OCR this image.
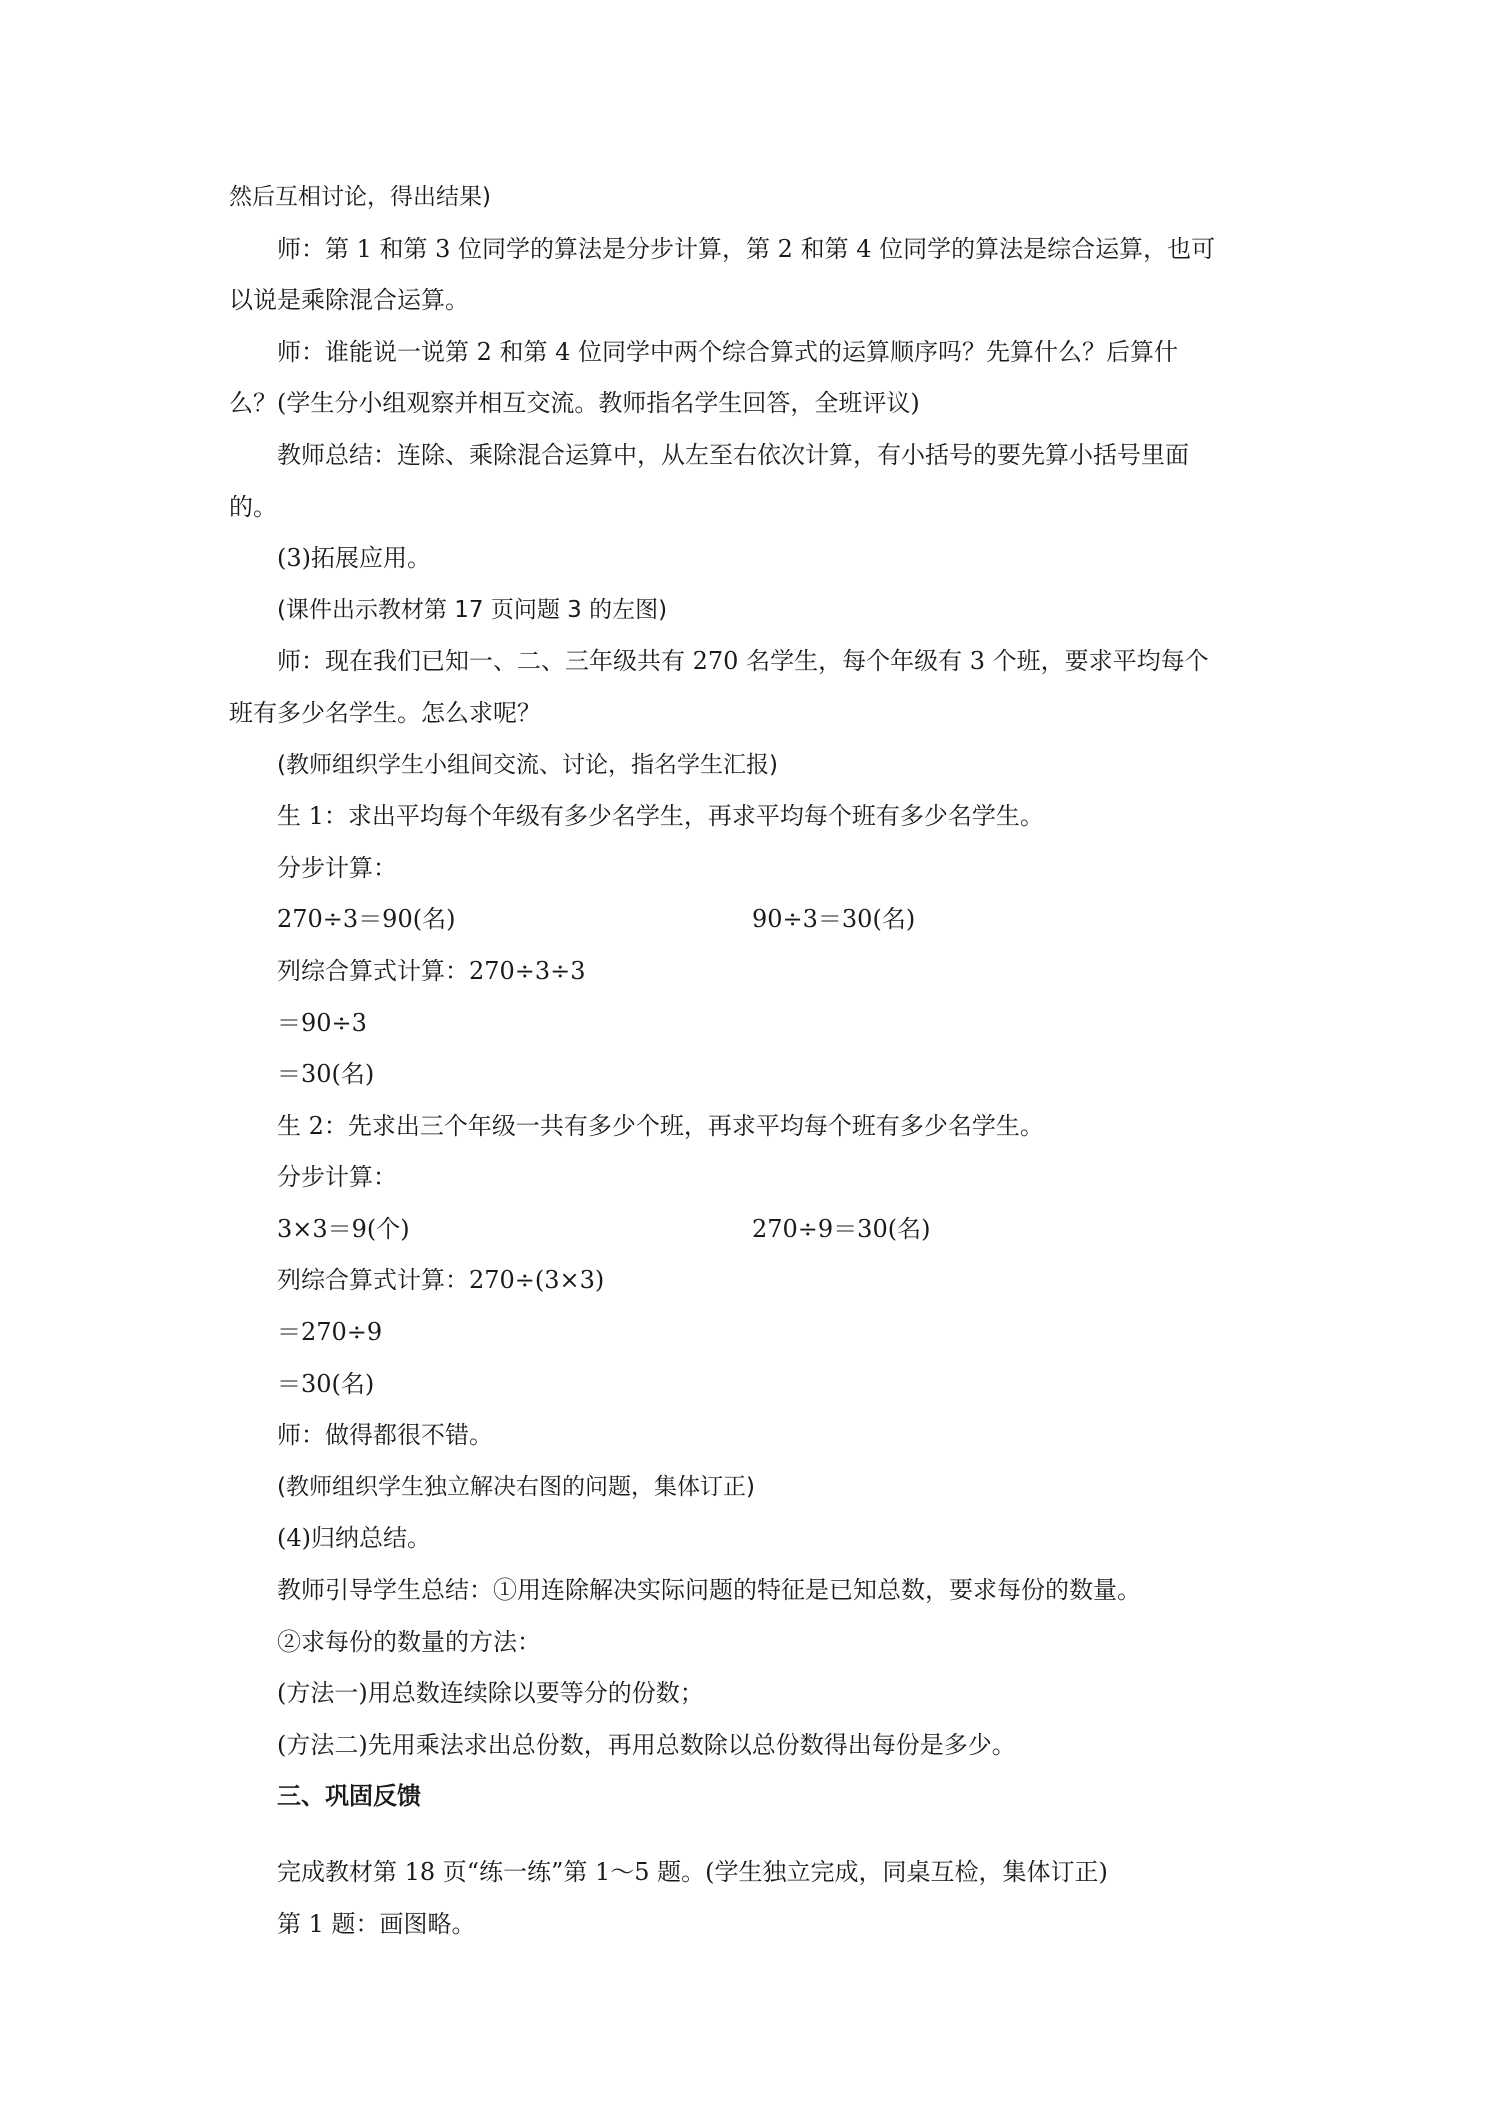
然后互相讨论，得出结果)
师：第 1 和第 3 位同学的算法是分步计算，第 2 和第 4 位同学的算法是综合运算，也可
以说是乘除混合运算。
师：谁能说一说第 2 和第 4 位同学中两个综合算式的运算顺序吗？先算什么？后算什
么？(学生分小组观察并相互交流。教师指名学生回答，全班评议)
教师总结：连除、乘除混合运算中，从左至右依次计算，有小括号的要先算小括号里面
的。
(3)拓展应用。
(课件出示教材第 17 页问题 3 的左图)
师：现在我们已知一、二、三年级共有 270 名学生，每个年级有 3 个班，要求平均每个
班有多少名学生。怎么求呢？
(教师组织学生小组间交流、讨论，指名学生汇报)
生 1：求出平均每个年级有多少名学生，再求平均每个班有多少名学生。
分步计算：
270÷3＝90(名)	90÷3＝30(名)
列综合算式计算：270÷3÷3
＝90÷3
＝30(名)
生 2：先求出三个年级一共有多少个班，再求平均每个班有多少名学生。
分步计算：
3×3＝9(个)	270÷9＝30(名)
列综合算式计算：270÷(3×3)
＝270÷9
＝30(名)
师：做得都很不错。
(教师组织学生独立解决右图的问题，集体订正)
(4)归纳总结。
教师引导学生总结：①用连除解决实际问题的特征是已知总数，要求每份的数量。
②求每份的数量的方法：
(方法一)用总数连续除以要等分的份数；
(方法二)先用乘法求出总份数，再用总数除以总份数得出每份是多少。
三、巩固反馈
完成教材第 18 页“练一练”第 1～5 题。(学生独立完成，同桌互检，集体订正)
第 1 题：画图略。
